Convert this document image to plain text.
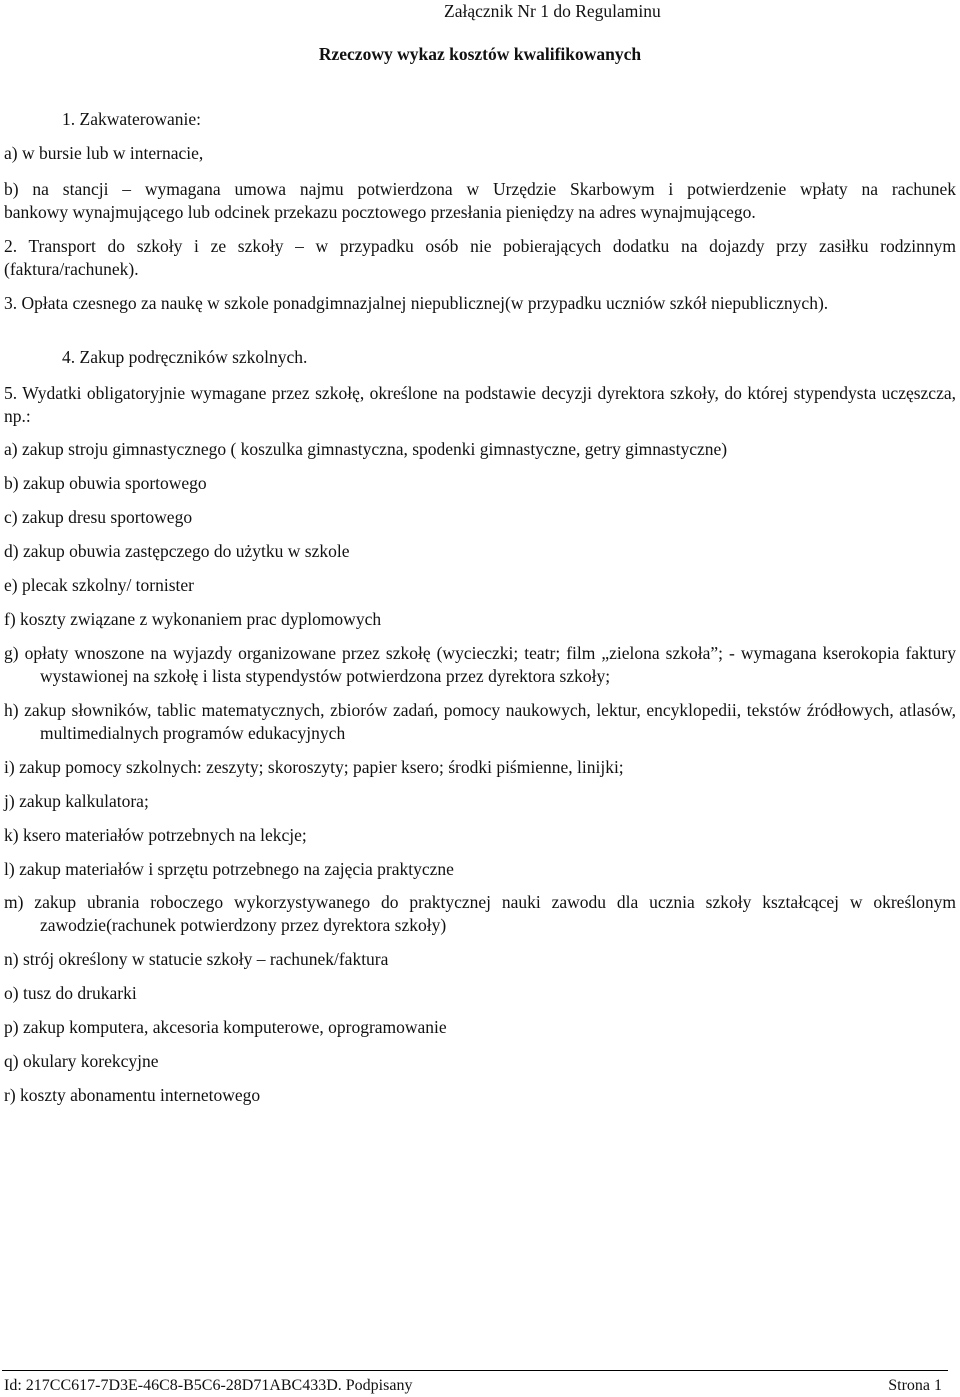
Załącznik Nr 1 do Regulaminu
Rzeczowy wykaz kosztów kwalifikowanych
1. Zakwaterowanie:
a) w bursie lub w internacie,
b) na stancji – wymagana umowa najmu potwierdzona w Urzędzie Skarbowym i potwierdzenie wpłaty na rachunek
bankowy wynajmującego lub odcinek przekazu pocztowego przesłania pieniędzy na adres wynajmującego.
2. Transport do szkoły i ze szkoły – w przypadku osób nie pobierających dodatku na dojazdy przy zasiłku rodzinnym (faktura/rachunek).
3. Opłata czesnego za naukę w szkole ponadgimnazjalnej niepublicznej(w przypadku uczniów szkół niepublicznych).
4. Zakup podręczników szkolnych.
5. Wydatki obligatoryjnie wymagane przez szkołę, określone na podstawie decyzji dyrektora szkoły, do której stypendysta uczęszcza, np.:
a) zakup stroju gimnastycznego ( koszulka gimnastyczna, spodenki gimnastyczne, getry gimnastyczne)
b) zakup obuwia sportowego
c) zakup dresu sportowego
d) zakup obuwia zastępczego do użytku w szkole
e) plecak szkolny/ tornister
f) koszty związane z wykonaniem prac dyplomowych
g) opłaty wnoszone na wyjazdy organizowane przez szkołę (wycieczki; teatr; film „zielona szkoła”; - wymagana kserokopia faktury wystawionej na szkołę i lista stypendystów potwierdzona przez dyrektora szkoły;
h) zakup słowników, tablic matematycznych, zbiorów zadań, pomocy naukowych, lektur, encyklopedii, tekstów źródłowych, atlasów, multimedialnych programów edukacyjnych
i) zakup pomocy szkolnych: zeszyty; skoroszyty; papier ksero; środki piśmienne, linijki;
j) zakup kalkulatora;
k) ksero materiałów potrzebnych na lekcje;
l) zakup materiałów i sprzętu potrzebnego na zajęcia praktyczne
m) zakup ubrania roboczego wykorzystywanego do praktycznej nauki zawodu dla ucznia szkoły kształcącej w określonym zawodzie(rachunek potwierdzony przez dyrektora szkoły)
n) strój określony w statucie szkoły – rachunek/faktura
o) tusz do drukarki
p) zakup komputera, akcesoria komputerowe, oprogramowanie
q) okulary korekcyjne
r) koszty abonamentu internetowego
Id: 217CC617-7D3E-46C8-B5C6-28D71ABC433D. Podpisany	Strona 1
